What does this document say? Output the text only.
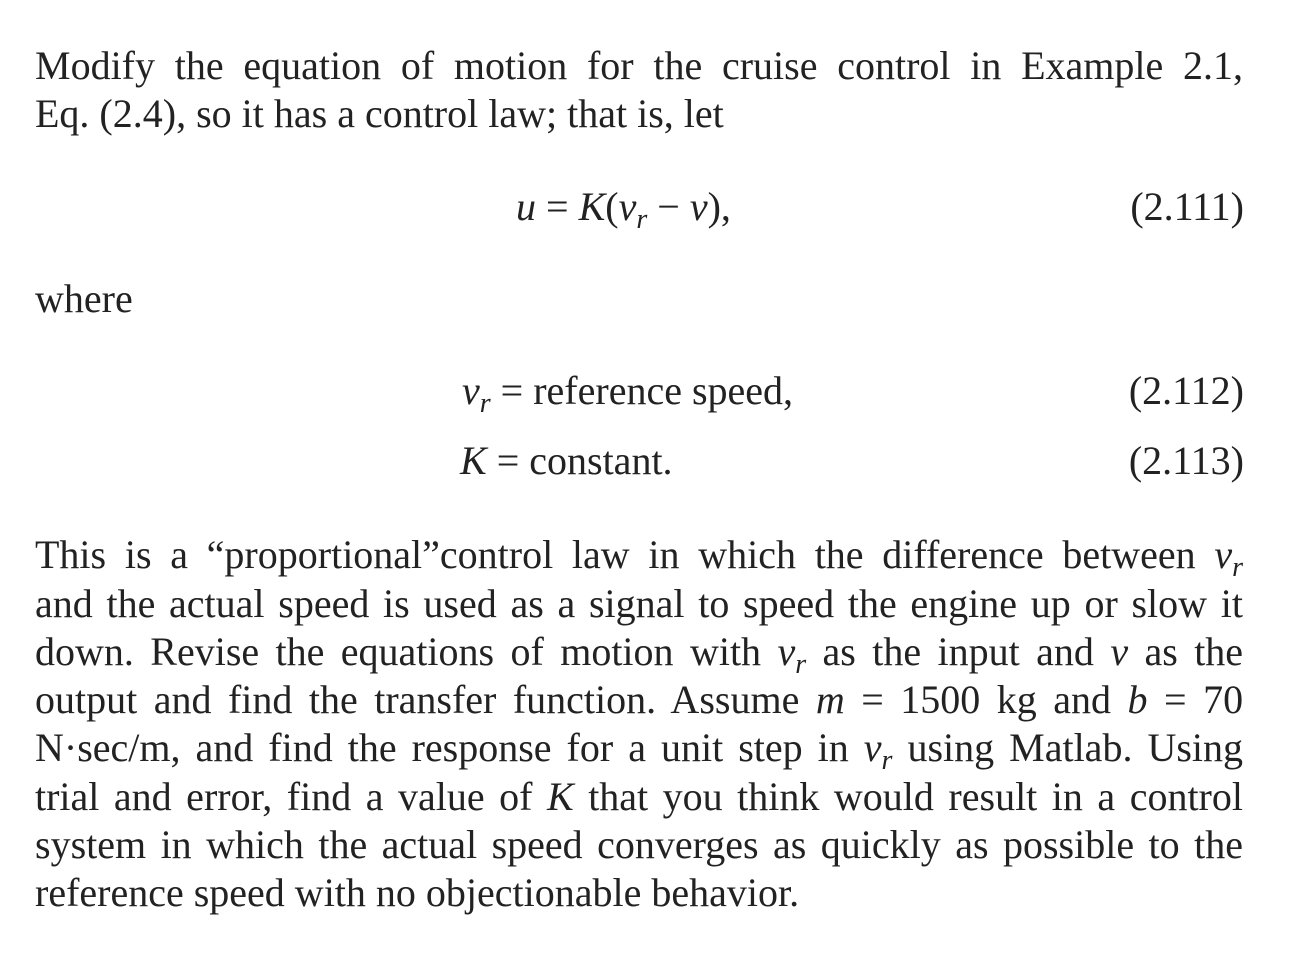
Modify the equation of motion for the cruise control in Example 2.1,
Eq. (2.4), so it has a control law; that is, let
$u = K(v_r - v)$,	(2.111)
where
$v_r$ = reference speed,	(2.112)
K = constant.	(2.113)
This is a “proportional”control law in which the difference between $v_r$
and the actual speed is used as a signal to speed the engine up or slow it
down. Revise the equations of motion with $v_r$ as the input and v as the
output and find the transfer function. Assume m = 1500 kg and b = 70
N·sec/m, and find the response for a unit step in $v_r$ using Matlab. Using
trial and error, find a value of K that you think would result in a control
system in which the actual speed converges as quickly as possible to the
reference speed with no objectionable behavior.
